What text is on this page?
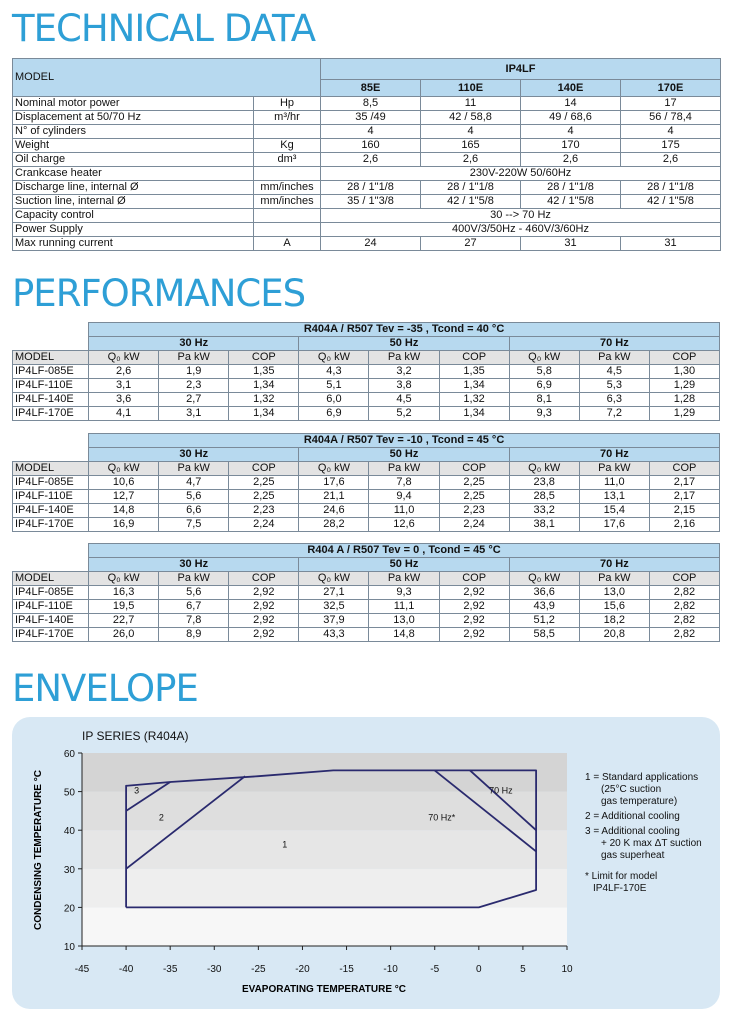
TECHNICAL DATA
MODEL		IP4LF			
		85E	110E	140E	170E
Nominal motor power	Hp	8,5	11	14	17
Displacement at 50/70 Hz	m³/hr	35 /49	42 / 58,8	49 / 68,6	56 / 78,4
N° of cylinders		4	4	4	4
Weight	Kg	160	165	170	175
Oil charge	dm³	2,6	2,6	2,6	2,6
Crankcase heater		230V-220W 50/60Hz			
Discharge line, internal Ø	mm/inches	28 / 1"1/8	28 / 1"1/8	28 / 1"1/8	28 / 1"1/8
Suction line, internal Ø	mm/inches	35 / 1"3/8	42 / 1"5/8	42 / 1"5/8	42 / 1"5/8
Capacity control		30 --> 70 Hz			
Power Supply		400V/3/50Hz - 460V/3/60Hz			
Max running current	A	24	27	31	31
PERFORMANCES
	R404A / R507 Tev = -35 , Tcond = 40 °C								
	30 Hz			50 Hz			70 Hz		
MODEL	Q₀ kW	Pa kW	COP	Q₀ kW	Pa kW	COP	Q₀ kW	Pa kW	COP
IP4LF-085E	2,6	1,9	1,35	4,3	3,2	1,35	5,8	4,5	1,30
IP4LF-110E	3,1	2,3	1,34	5,1	3,8	1,34	6,9	5,3	1,29
IP4LF-140E	3,6	2,7	1,32	6,0	4,5	1,32	8,1	6,3	1,28
IP4LF-170E	4,1	3,1	1,34	6,9	5,2	1,34	9,3	7,2	1,29
	R404A / R507 Tev = -10 , Tcond = 45 °C								
	30 Hz			50 Hz			70 Hz		
MODEL	Q₀ kW	Pa kW	COP	Q₀ kW	Pa kW	COP	Q₀ kW	Pa kW	COP
IP4LF-085E	10,6	4,7	2,25	17,6	7,8	2,25	23,8	11,0	2,17
IP4LF-110E	12,7	5,6	2,25	21,1	9,4	2,25	28,5	13,1	2,17
IP4LF-140E	14,8	6,6	2,23	24,6	11,0	2,23	33,2	15,4	2,15
IP4LF-170E	16,9	7,5	2,24	28,2	12,6	2,24	38,1	17,6	2,16
	R404 A / R507 Tev = 0 , Tcond = 45 °C								
	30 Hz			50 Hz			70 Hz		
MODEL	Q₀ kW	Pa kW	COP	Q₀ kW	Pa kW	COP	Q₀ kW	Pa kW	COP
IP4LF-085E	16,3	5,6	2,92	27,1	9,3	2,92	36,6	13,0	2,82
IP4LF-110E	19,5	6,7	2,92	32,5	11,1	2,92	43,9	15,6	2,82
IP4LF-140E	22,7	7,8	2,92	37,9	13,0	2,92	51,2	18,2	2,82
IP4LF-170E	26,0	8,9	2,92	43,3	14,8	2,92	58,5	20,8	2,82
ENVELOPE
IP SERIES (R404A)
-45	-40	-35	-30	-25	-20	-15	-10	-5	0	5	10
10
20
30
40
50
60
1
2
3	70 Hz
70 Hz*
CONDENSING TEMPERATURE °C
EVAPORATING TEMPERATURE °C
1 = Standard applications
(25°C suction
gas temperature)
2 = Additional cooling
3 = Additional cooling
+ 20 K max ΔT suction
gas superheat
* Limit for model
IP4LF-170E
